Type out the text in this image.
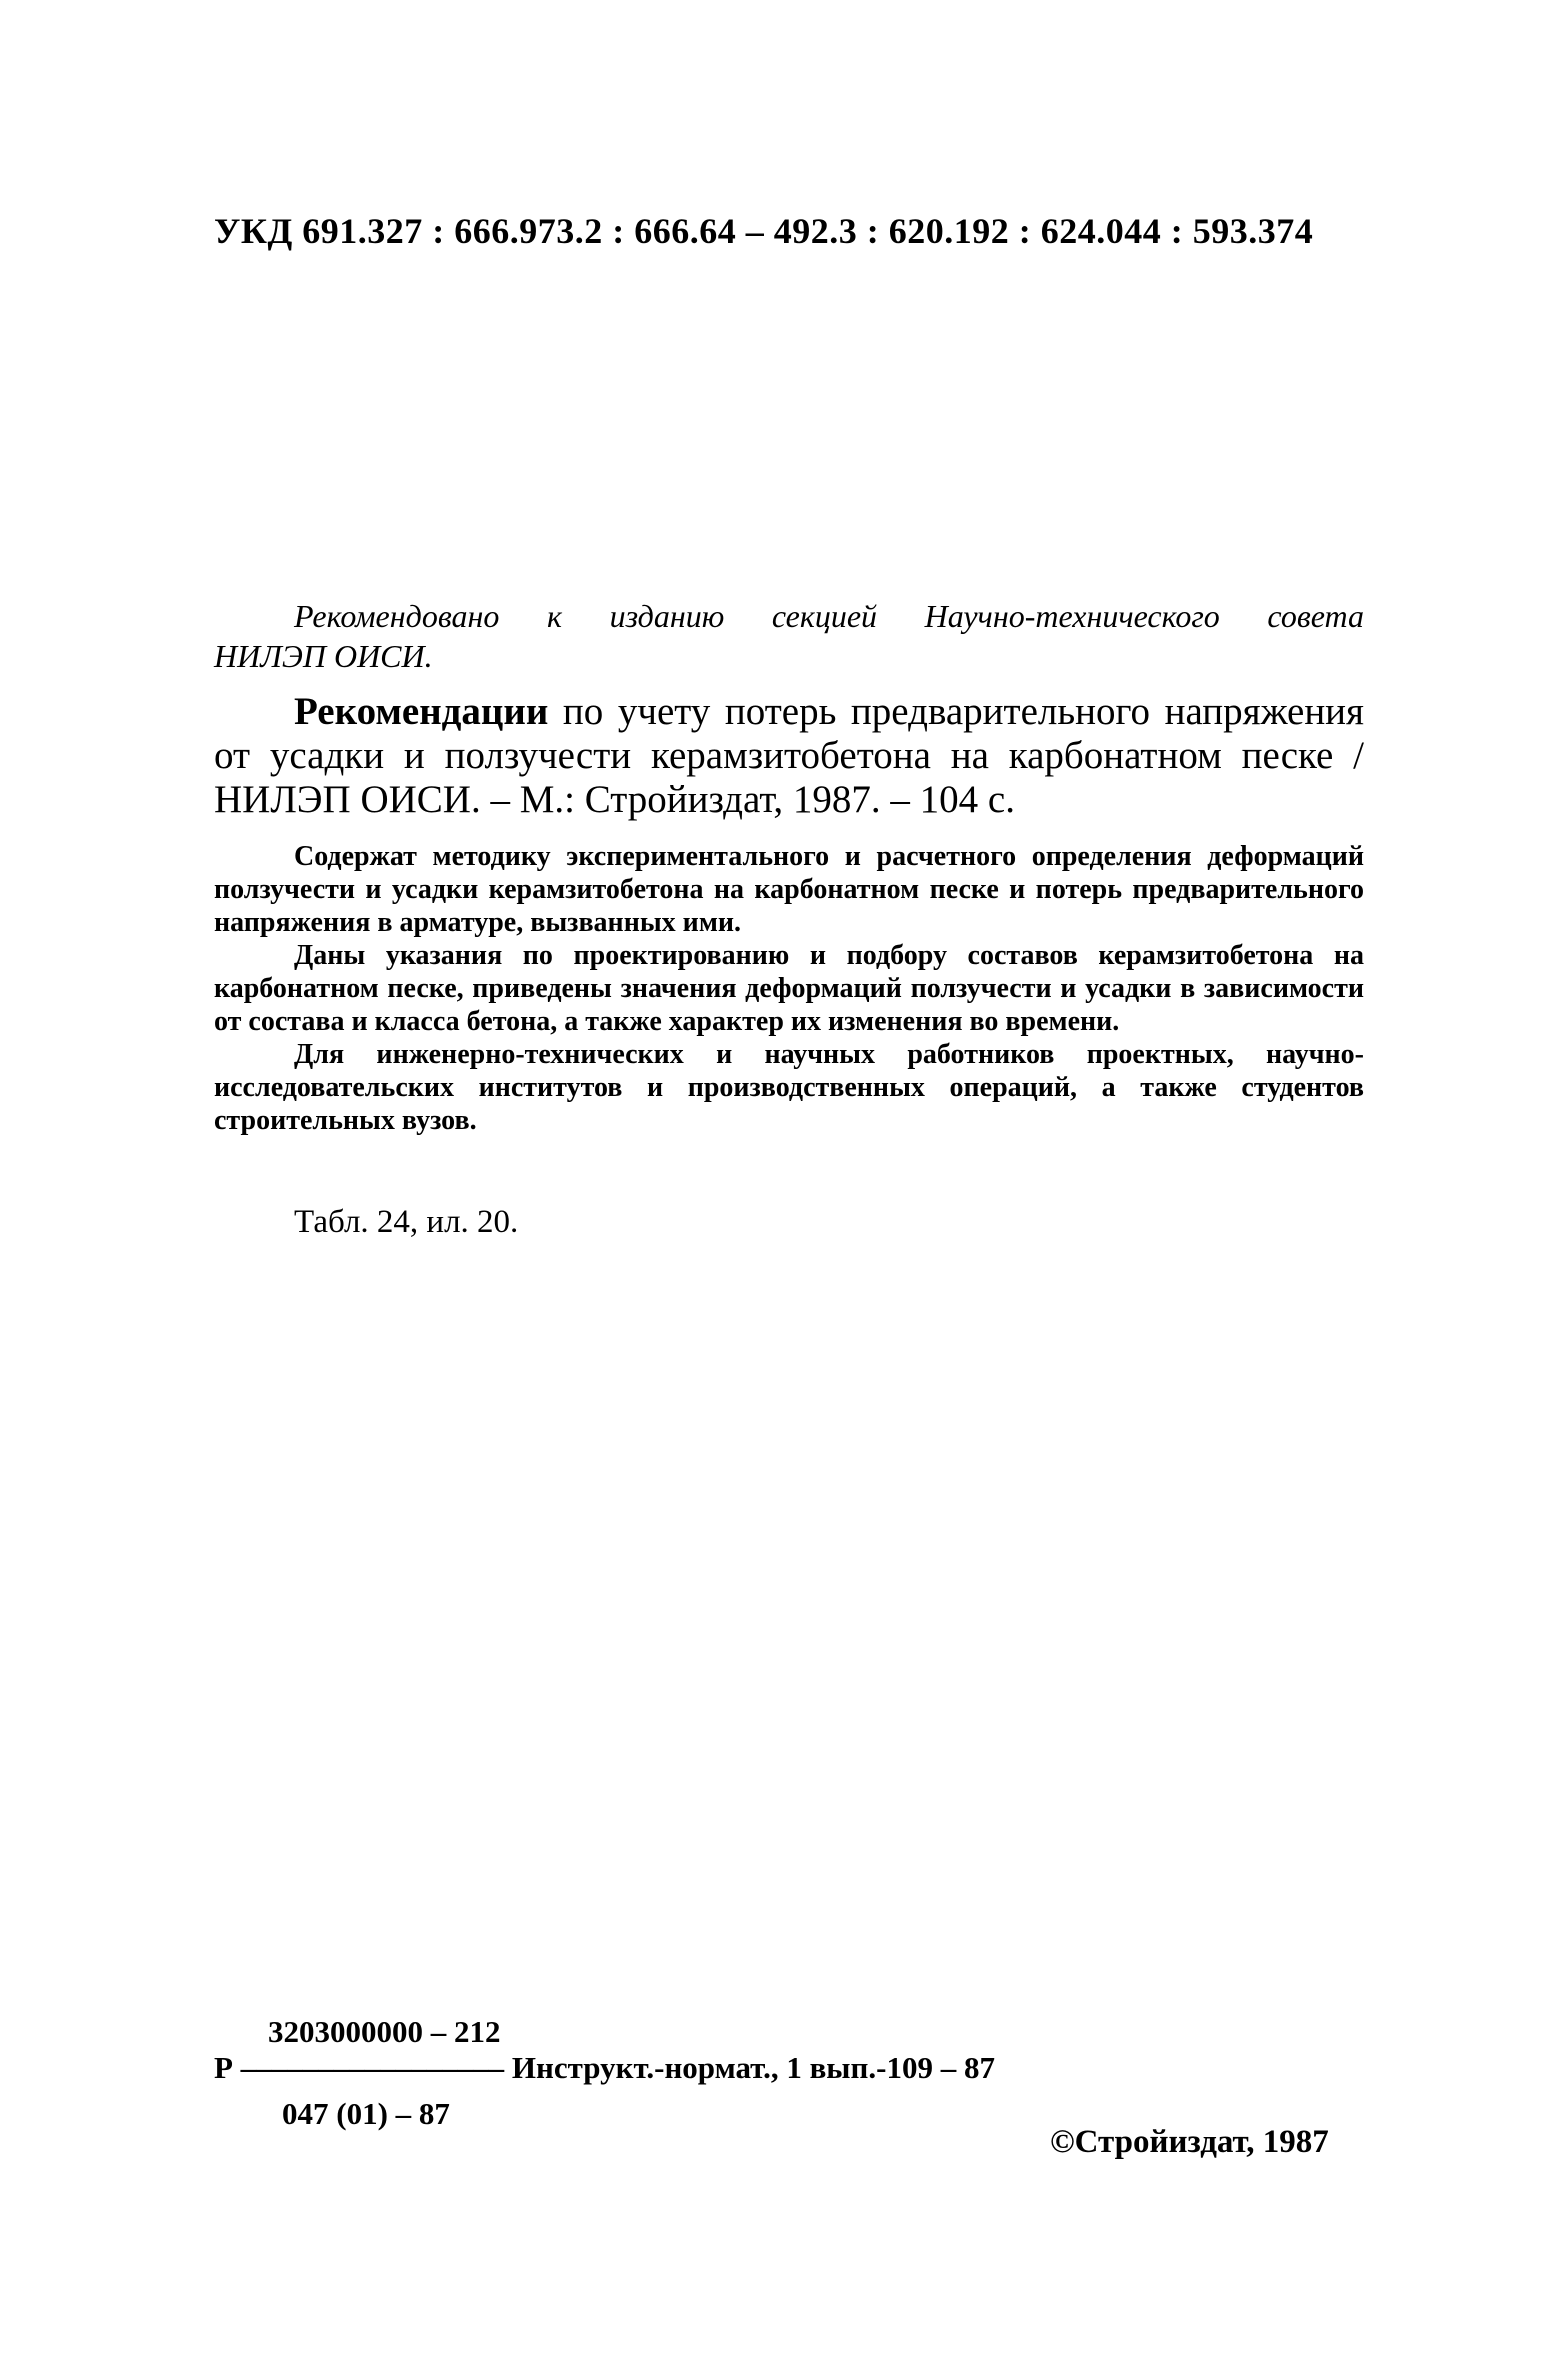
УКД 691.327 : 666.973.2 : 666.64 – 492.3 : 620.192 : 624.044 : 593.374
Рекомендовано к изданию секцией Научно-технического совета
НИЛЭП ОИСИ.

Рекомендации по учету потерь предварительного напряжения от усадки и ползучести керамзитобетона на карбонатном песке / НИЛЭП ОИСИ. – М.: Стройиздат, 1987. – 104 с.

Содержат методику экспериментального и расчетного определения деформаций ползучести и усадки керамзитобетона на карбонатном песке и потерь предварительного напряжения в арматуре, вызванных ими.

Даны указания по проектированию и подбору составов керамзитобетона на карбонатном песке, приведены значения деформаций ползучести и усадки в зависимости от состава и класса бетона, а также характер их изменения во времени.

Для инженерно-технических и научных работников проектных, научно-исследовательских институтов и производственных операций, а также студентов строительных вузов.

Табл. 24, ил. 20.
3203000000 – 212
Р ––––––––––––––––– Инструкт.-нормат., 1 вып.-109 – 87
047 (01) – 87
©Стройиздат, 1987
